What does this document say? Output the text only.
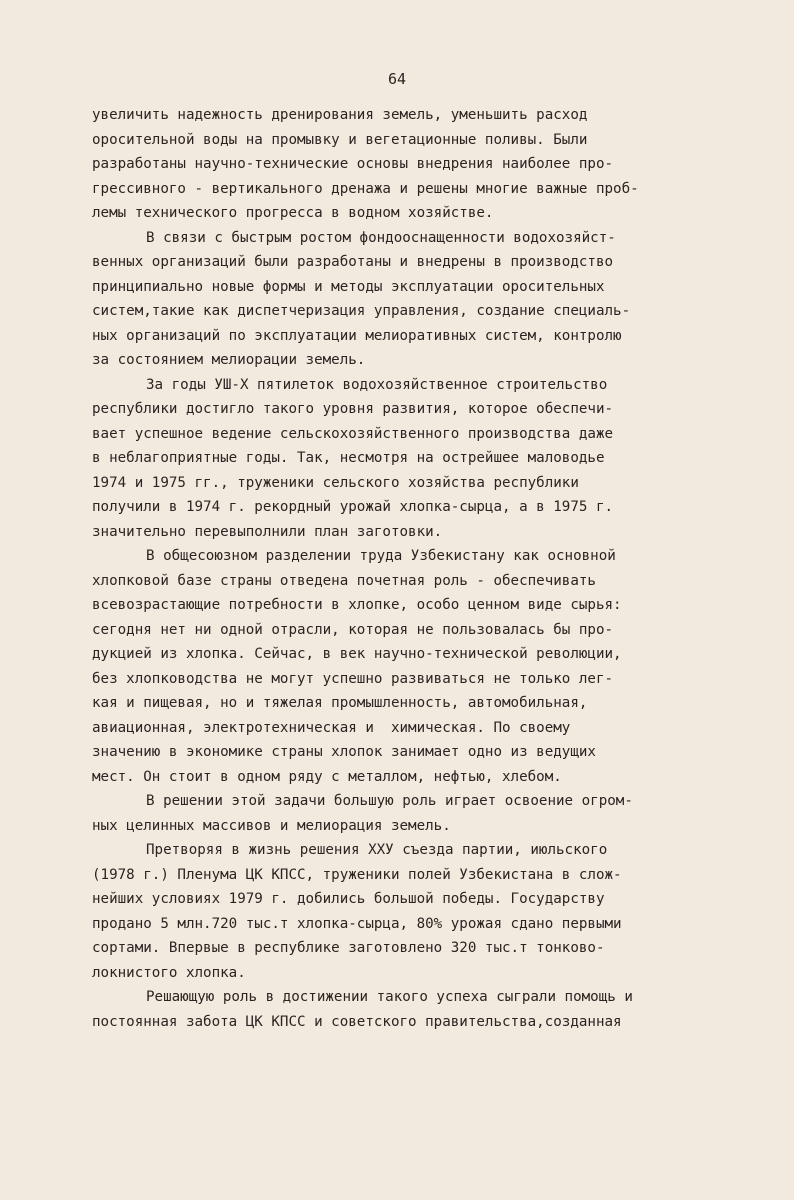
64
увеличить надежность дренирования земель, уменьшить расход
оросительной воды на промывку и вегетационные поливы. Были
разработаны научно-технические основы внедрения наиболее про-
грессивного - вертикального дренажа и решены многие важные проб-
лемы технического прогресса в водном хозяйстве.
В связи с быстрым ростом фондооснащенности водохозяйст-
венных организаций были разработаны и внедрены в производство
принципиально новые формы и методы эксплуатации оросительных
систем,такие как диспетчеризация управления, создание специаль-
ных организаций по эксплуатации мелиоративных систем, контролю
за состоянием мелиорации земель.
За годы УШ-Х пятилеток водохозяйственное строительство
республики достигло такого уровня развития, которое обеспечи-
вает успешное ведение сельскохозяйственного производства даже
в неблагоприятные годы. Так, несмотря на острейшее маловодье
1974 и 1975 гг., труженики сельского хозяйства республики
получили в 1974 г. рекордный урожай хлопка-сырца, а в 1975 г.
значительно перевыполнили план заготовки.
В общесоюзном разделении труда Узбекистану как основной
хлопковой базе страны отведена почетная роль - обеспечивать
всевозрастающие потребности в хлопке, особо ценном виде сырья:
сегодня нет ни одной отрасли, которая не пользовалась бы про-
дукцией из хлопка. Сейчас, в век научно-технической революции,
без хлопководства не могут успешно развиваться не только лег-
кая и пищевая, но и тяжелая промышленность, автомобильная,
авиационная, электротехническая и  химическая. По своему
значению в экономике страны хлопок занимает одно из ведущих
мест. Он стоит в одном ряду с металлом, нефтью, хлебом.
В решении этой задачи большую роль играет освоение огром-
ных целинных массивов и мелиорация земель.
Претворяя в жизнь решения ХХУ съезда партии, июльского
(1978 г.) Пленума ЦК КПСС, труженики полей Узбекистана в слож-
нейших условиях 1979 г. добились большой победы. Государству
продано 5 млн.720 тыс.т хлопка-сырца, 80% урожая сдано первыми
сортами. Впервые в республике заготовлено 320 тыс.т тонково-
локнистого хлопка.
Решающую роль в достижении такого успеха сыграли помощь и
постоянная забота ЦК КПСС и советского правительства,созданная
